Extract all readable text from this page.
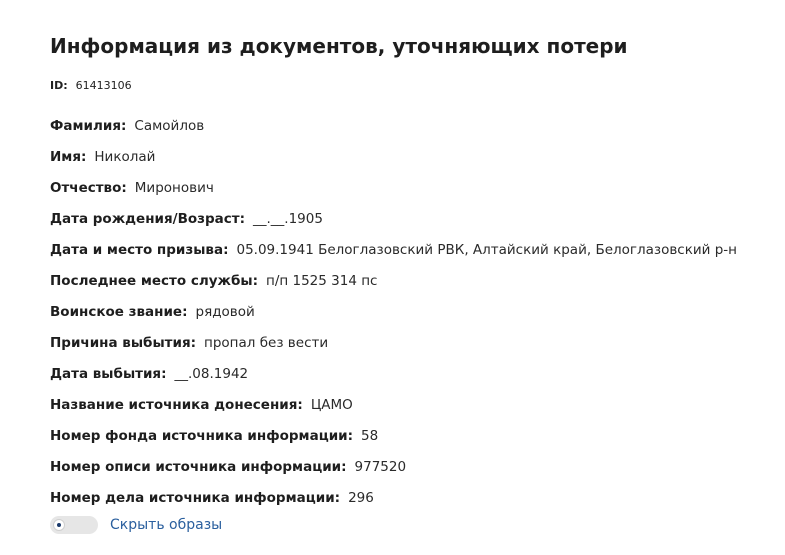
Информация из документов, уточняющих потери
ID: 61413106
Фамилия: Самойлов
Имя: Николай
Отчество: Миронович
Дата рождения/Возраст: __.__.1905
Дата и место призыва: 05.09.1941 Белоглазовский РВК, Алтайский край, Белоглазовский р-н
Последнее место службы: п/п 1525 314 пс
Воинское звание: рядовой
Причина выбытия: пропал без вести
Дата выбытия: __.08.1942
Название источника донесения: ЦАМО
Номер фонда источника информации: 58
Номер описи источника информации: 977520
Номер дела источника информации: 296
Скрыть образы
